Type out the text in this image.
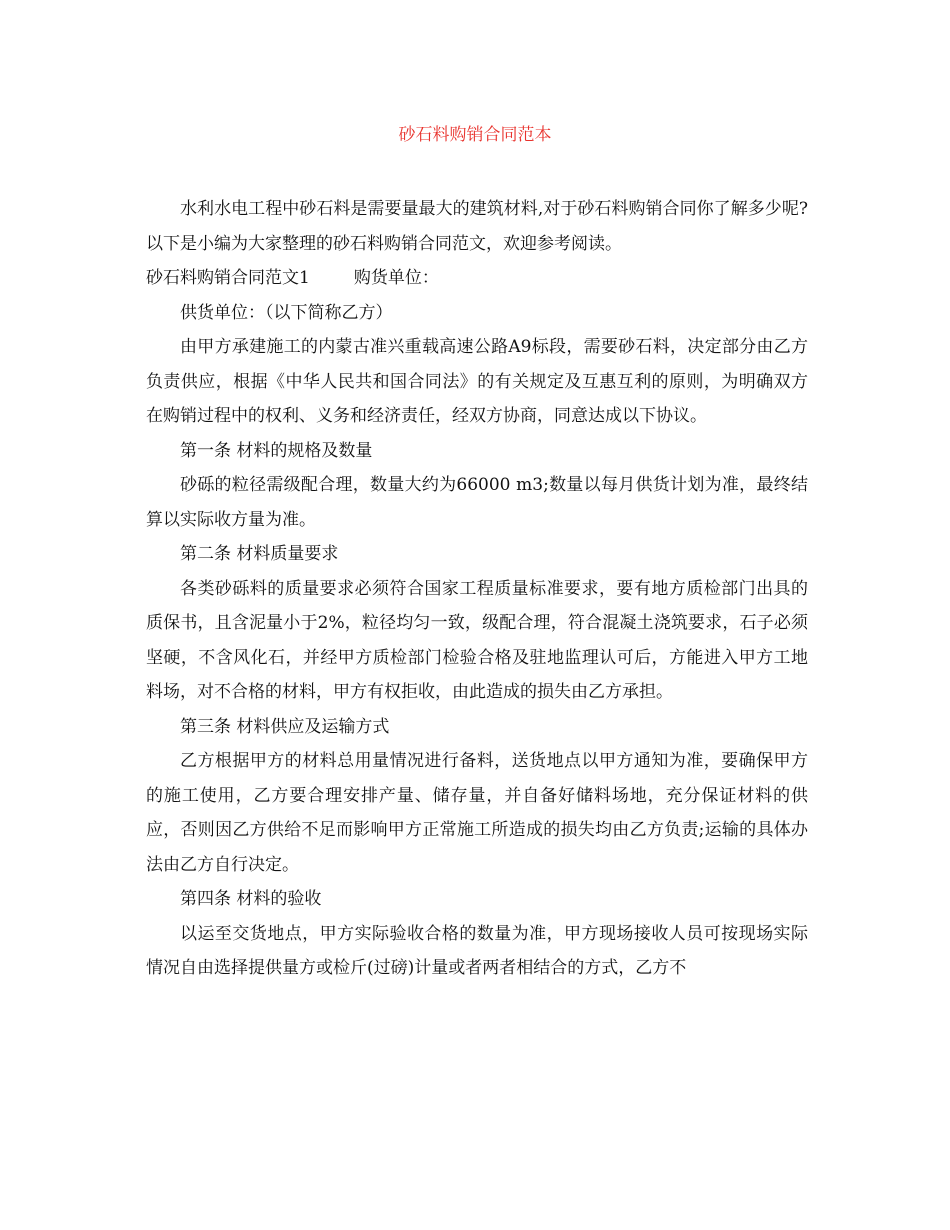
砂石料购销合同范本

水利水电工程中砂石料是需要量最大的建筑材料,对于砂石料购销合同你了解多少呢?以下是小编为大家整理的砂石料购销合同范文，欢迎参考阅读。

砂石料购销合同范文1	购货单位：

供货单位：（以下简称乙方）

由甲方承建施工的内蒙古准兴重载高速公路A9标段，需要砂石料，决定部分由乙方负责供应，根据《中华人民共和国合同法》的有关规定及互惠互利的原则，为明确双方在购销过程中的权利、义务和经济责任，经双方协商，同意达成以下协议。

第一条 材料的规格及数量

砂砾的粒径需级配合理，数量大约为66000 m3;数量以每月供货计划为准，最终结算以实际收方量为准。

第二条 材料质量要求

各类砂砾料的质量要求必须符合国家工程质量标准要求，要有地方质检部门出具的质保书，且含泥量小于2%，粒径均匀一致，级配合理，符合混凝土浇筑要求，石子必须坚硬，不含风化石，并经甲方质检部门检验合格及驻地监理认可后，方能进入甲方工地料场，对不合格的材料，甲方有权拒收，由此造成的损失由乙方承担。

第三条 材料供应及运输方式

乙方根据甲方的材料总用量情况进行备料，送货地点以甲方通知为准，要确保甲方的施工使用，乙方要合理安排产量、储存量，并自备好储料场地，充分保证材料的供应，否则因乙方供给不足而影响甲方正常施工所造成的损失均由乙方负责;运输的具体办法由乙方自行决定。

第四条 材料的验收

以运至交货地点，甲方实际验收合格的数量为准，甲方现场接收人员可按现场实际情况自由选择提供量方或检斤(过磅)计量或者两者相结合的方式，乙方不
